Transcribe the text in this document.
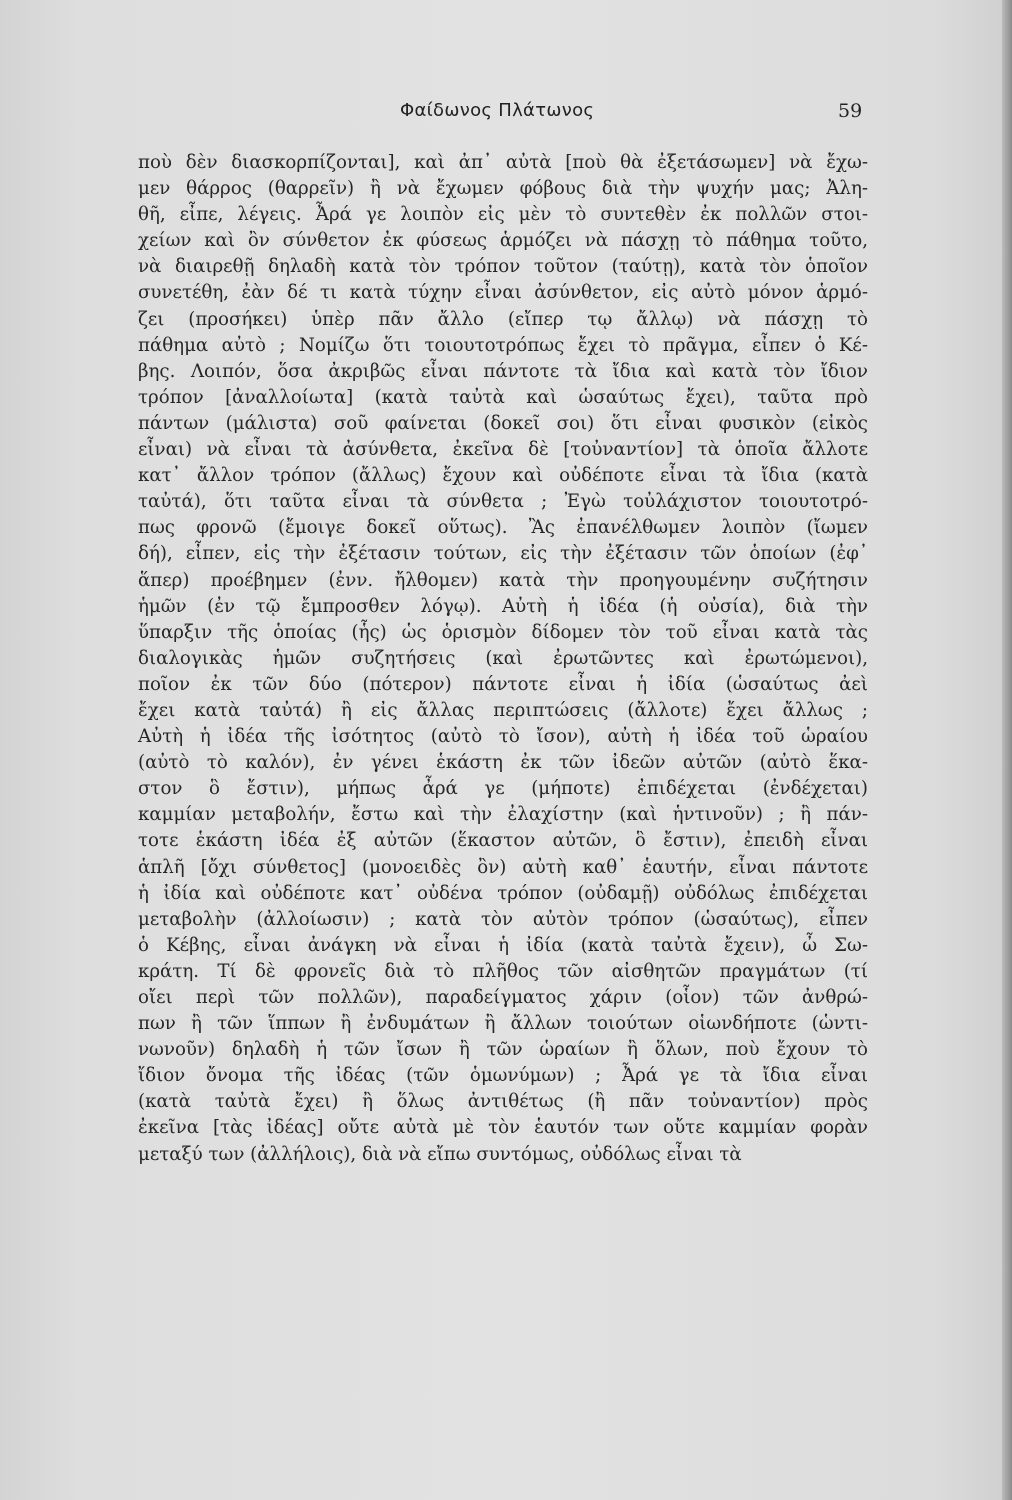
Φαίδωνος Πλάτωνος	59
ποὺ δὲν διασκορπίζονται], καὶ ἀπ᾿ αὐτὰ [ποὺ θὰ ἐξετάσωμεν] νὰ ἔχω-
μεν θάρρος (θαρρεῖν) ἢ νὰ ἔχωμεν φόβους διὰ τὴν ψυχήν μας; Ἀλη-
θῆ, εἶπε, λέγεις. Ἆρά γε λοιπὸν εἰς μὲν τὸ συντεθὲν ἐκ πολλῶν στοι-
χείων καὶ ὂν σύνθετον ἐκ φύσεως ἁρμόζει νὰ πάσχῃ τὸ πάθημα τοῦτο,
νὰ διαιρεθῇ δηλαδὴ κατὰ τὸν τρόπον τοῦτον (ταύτῃ), κατὰ τὸν ὁποῖον
συνετέθη, ἐὰν δέ τι κατὰ τύχην εἶναι ἀσύνθετον, εἰς αὐτὸ μόνον ἁρμό-
ζει (προσήκει) ὑπὲρ πᾶν ἄλλο (εἴπερ τῳ ἄλλῳ) νὰ πάσχῃ τὸ
πάθημα αὐτὸ ; Νομίζω ὅτι τοιουτοτρόπως ἔχει τὸ πρᾶγμα, εἶπεν ὁ Κέ-
βης. Λοιπόν, ὅσα ἀκριβῶς εἶναι πάντοτε τὰ ἴδια καὶ κατὰ τὸν ἴδιον
τρόπον [ἀναλλοίωτα] (κατὰ ταὐτὰ καὶ ὡσαύτως ἔχει), ταῦτα πρὸ
πάντων (μάλιστα) σοῦ φαίνεται (δοκεῖ σοι) ὅτι εἶναι φυσικὸν (εἰκὸς
εἶναι) νὰ εἶναι τὰ ἀσύνθετα, ἐκεῖνα δὲ [τοὐναντίον] τὰ ὁποῖα ἄλλοτε
κατ᾿ ἄλλον τρόπον (ἄλλως) ἔχουν καὶ οὐδέποτε εἶναι τὰ ἴδια (κατὰ
ταὐτά), ὅτι ταῦτα εἶναι τὰ σύνθετα ; Ἐγὼ τοὐλάχιστον τοιουτοτρό-
πως φρονῶ (ἔμοιγε δοκεῖ οὕτως). Ἂς ἐπανέλθωμεν λοιπὸν (ἴωμεν
δή), εἶπεν, εἰς τὴν ἐξέτασιν τούτων, εἰς τὴν ἐξέτασιν τῶν ὁποίων (ἐφ᾿
ἅπερ) προέβημεν (ἐνν. ἤλθομεν) κατὰ τὴν προηγουμένην συζήτησιν
ἡμῶν (ἐν τῷ ἔμπροσθεν λόγῳ). Αὐτὴ ἡ ἰδέα (ἡ οὐσία), διὰ τὴν
ὕπαρξιν τῆς ὁποίας (ἧς) ὡς ὁρισμὸν δίδομεν τὸν τοῦ εἶναι κατὰ τὰς
διαλογικὰς ἡμῶν συζητήσεις (καὶ ἐρωτῶντες καὶ ἐρωτώμενοι),
ποῖον ἐκ τῶν δύο (πότερον) πάντοτε εἶναι ἡ ἰδία (ὡσαύτως ἀεὶ
ἔχει κατὰ ταὐτά) ἢ εἰς ἄλλας περιπτώσεις (ἄλλοτε) ἔχει ἄλλως ;
Αὐτὴ ἡ ἰδέα τῆς ἰσότητος (αὐτὸ τὸ ἴσον), αὐτὴ ἡ ἰδέα τοῦ ὡραίου
(αὐτὸ τὸ καλόν), ἐν γένει ἑκάστη ἐκ τῶν ἰδεῶν αὐτῶν (αὐτὸ ἕκα-
στον ὃ ἔστιν), μήπως ἆρά γε (μήποτε) ἐπιδέχεται (ἐνδέχεται)
καμμίαν μεταβολήν, ἔστω καὶ τὴν ἐλαχίστην (καὶ ἡντινοῦν) ; ἢ πάν-
τοτε ἑκάστη ἰδέα ἐξ αὐτῶν (ἕκαστον αὐτῶν, ὃ ἔστιν), ἐπειδὴ εἶναι
ἁπλῆ [ὄχι σύνθετος] (μονοειδὲς ὂν) αὐτὴ καθ᾿ ἑαυτήν, εἶναι πάντοτε
ἡ ἰδία καὶ οὐδέποτε κατ᾿ οὐδένα τρόπον (οὐδαμῇ) οὐδόλως ἐπιδέχεται
μεταβολὴν (ἀλλοίωσιν) ; κατὰ τὸν αὐτὸν τρόπον (ὡσαύτως), εἶπεν
ὁ Κέβης, εἶναι ἀνάγκη νὰ εἶναι ἡ ἰδία (κατὰ ταὐτὰ ἔχειν), ὦ Σω-
κράτη. Τί δὲ φρονεῖς διὰ τὸ πλῆθος τῶν αἰσθητῶν πραγμάτων (τί
οἴει περὶ τῶν πολλῶν), παραδείγματος χάριν (οἷον) τῶν ἀνθρώ-
πων ἢ τῶν ἵππων ἢ ἐνδυμάτων ἢ ἄλλων τοιούτων οἱωνδήποτε (ὡντι-
νωνοῦν) δηλαδὴ ἡ τῶν ἴσων ἢ τῶν ὡραίων ἢ ὅλων, ποὺ ἔχουν τὸ
ἴδιον ὄνομα τῆς ἰδέας (τῶν ὁμωνύμων) ; Ἆρά γε τὰ ἴδια εἶναι
(κατὰ ταὐτὰ ἔχει) ἢ ὅλως ἀντιθέτως (ἢ πᾶν τοὐναντίον) πρὸς
ἐκεῖνα [τὰς ἰδέας] οὔτε αὐτὰ μὲ τὸν ἑαυτόν των οὔτε καμμίαν φορὰν
μεταξύ των (ἀλλήλοις), διὰ νὰ εἴπω συντόμως, οὐδόλως εἶναι τὰ
